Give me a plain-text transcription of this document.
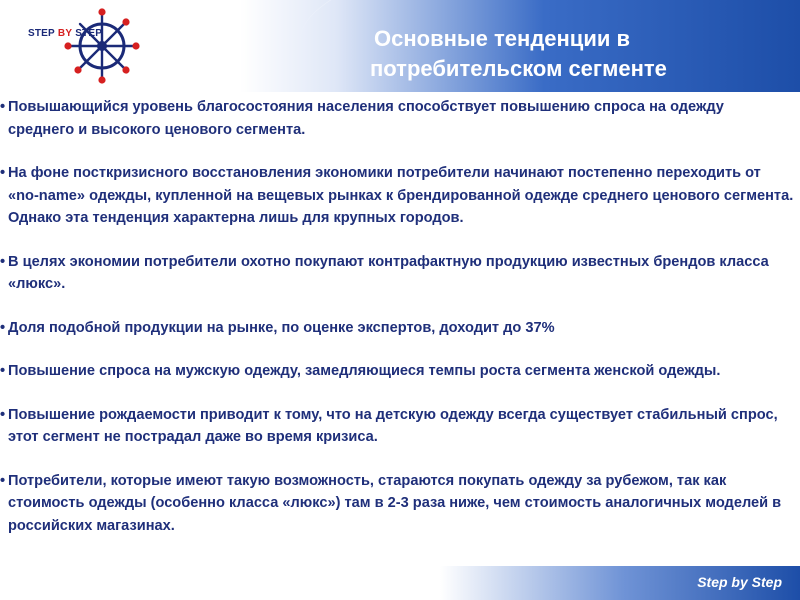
STEP BY STEP	Основные тенденции в
потребительском сегменте
• Повышающийся уровень благосостояния населения способствует повышению спроса на одежду среднего и высокого ценового сегмента.
• На фоне посткризисного восстановления экономики потребители начинают постепенно переходить от «no-name» одежды, купленной на вещевых рынках к брендированной одежде среднего ценового сегмента. Однако эта тенденция характерна лишь для крупных городов.
• В целях экономии потребители охотно покупают контрафактную продукцию известных брендов класса «люкс».
• Доля подобной продукции на рынке, по оценке экспертов, доходит до 37%
• Повышение спроса на мужскую одежду, замедляющиеся темпы роста сегмента женской одежды.
• Повышение рождаемости приводит к тому, что на детскую одежду всегда существует стабильный спрос, этот сегмент не пострадал даже во время кризиса.
• Потребители, которые имеют такую возможность, стараются покупать одежду за рубежом, так как стоимость одежды (особенно класса «люкс») там в 2-3 раза ниже, чем стоимость аналогичных моделей в российских магазинах.
Step by Step
